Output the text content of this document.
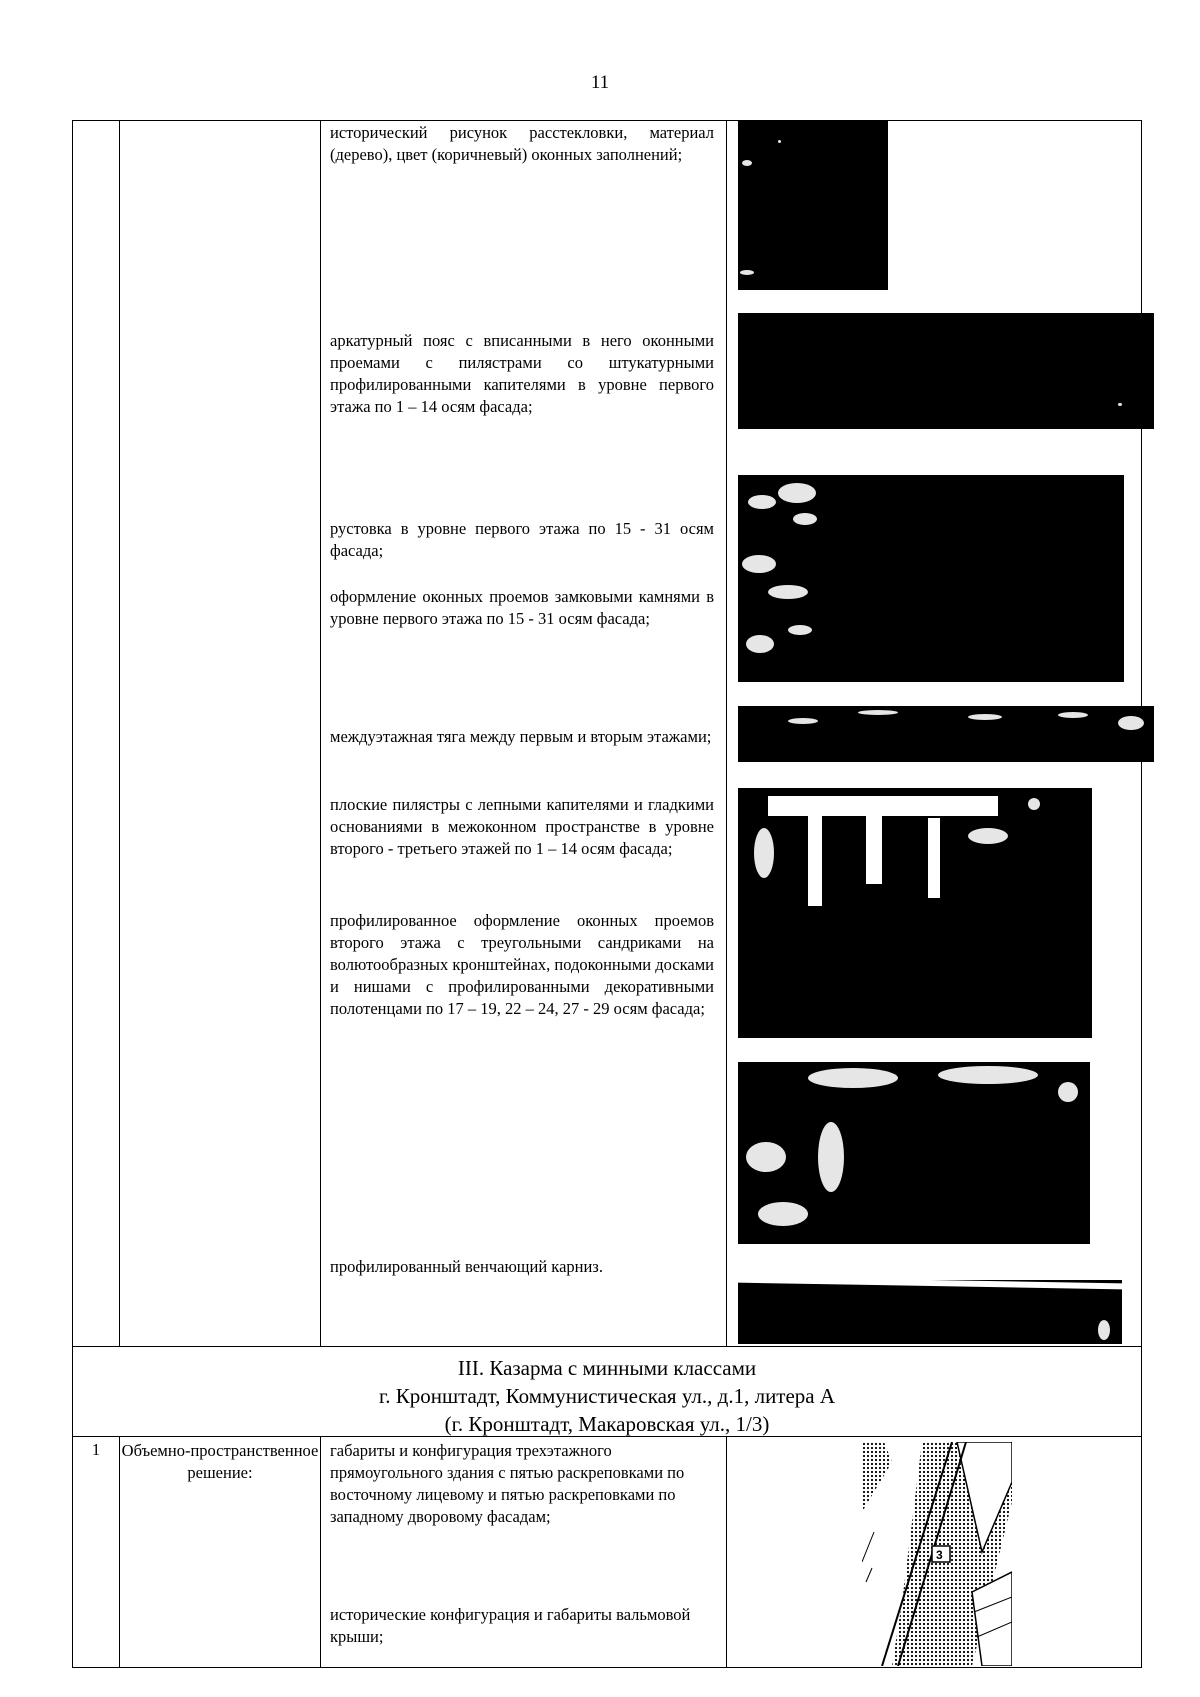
11
исторический рисунок расстекловки, материал (дерево), цвет (коричневый) оконных заполнений;
аркатурный пояс с вписанными в него оконными проемами с пилястрами со штукатурными профилированными капителями в уровне первого этажа по 1 – 14 осям фасада;
рустовка в уровне первого этажа по 15 - 31 осям фасада;
оформление оконных проемов замковыми камнями в уровне первого этажа по 15 - 31 осям фасада;
междуэтажная тяга между первым и вторым этажами;
плоские пилястры с лепными капителями и гладкими основаниями в межоконном пространстве в уровне второго - третьего этажей по 1 – 14 осям фасада;
профилированное оформление оконных проемов второго этажа с треугольными сандриками на волютообразных кронштейнах, подоконными досками и нишами с профилированными декоративными полотенцами по 17 – 19, 22 – 24, 27 - 29 осям фасада;
профилированный венчающий карниз.
III. Казарма с минными классами
г. Кронштадт, Коммунистическая ул., д.1, литера А
(г. Кронштадт, Макаровская ул., 1/3)
1	Объемно-пространственное решение:
габариты и конфигурация трехэтажного прямоугольного здания с пятью раскреповками по восточному лицевому и пятью раскреповками по западному дворовому фасадам;
исторические конфигурация и габариты вальмовой крыши;
3
